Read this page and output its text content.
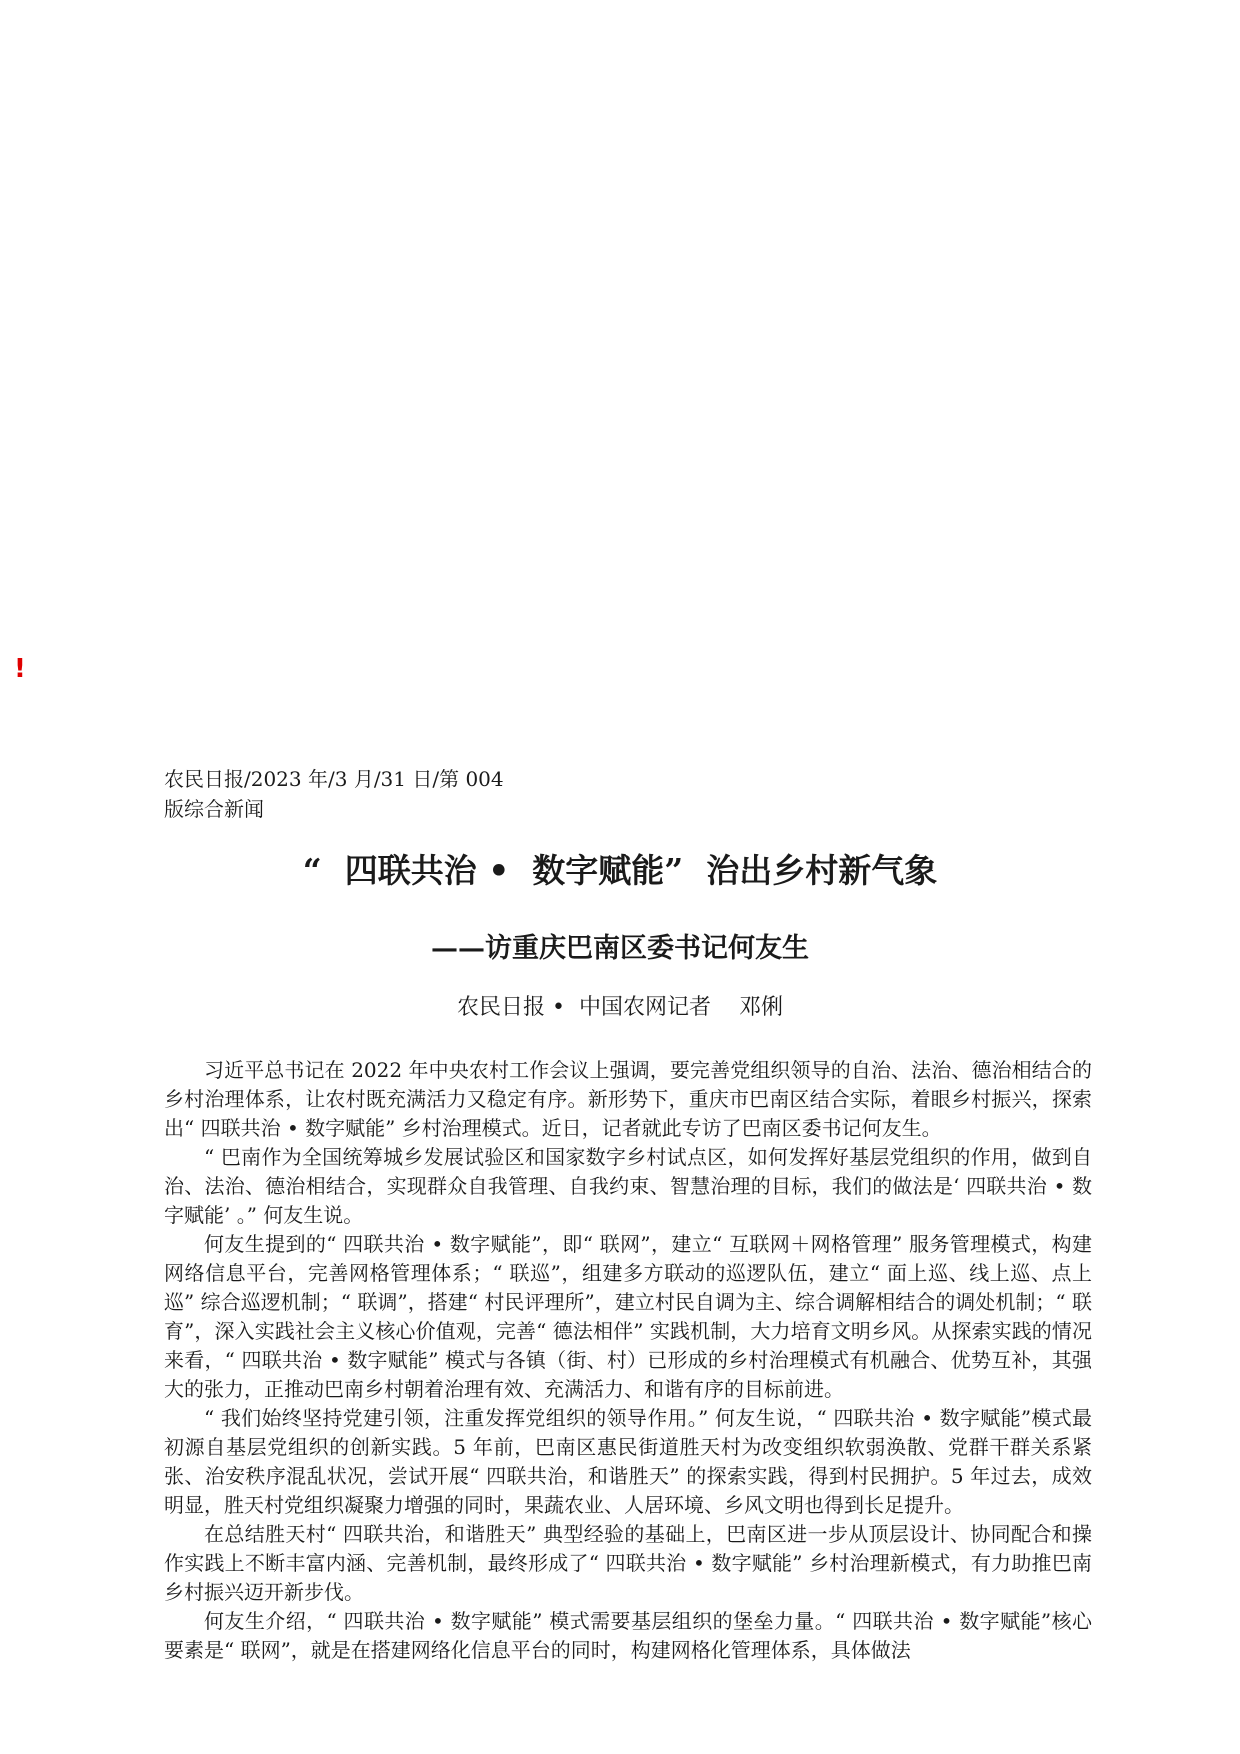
!
农民日报/2023 年/3 月/31 日/第 004
版综合新闻
“  四联共治 •  数字赋能”  治出乡村新气象
——访重庆巴南区委书记何友生
农民日报 •  中国农网记者    邓俐

习近平总书记在 2022 年中央农村工作会议上强调，要完善党组织领导的自治、法治、德治相结合的乡村治理体系，让农村既充满活力又稳定有序。新形势下，重庆市巴南区结合实际，着眼乡村振兴，探索出“ 四联共治 • 数字赋能” 乡村治理模式。近日，记者就此专访了巴南区委书记何友生。

“ 巴南作为全国统筹城乡发展试验区和国家数字乡村试点区，如何发挥好基层党组织的作用，做到自治、法治、德治相结合，实现群众自我管理、自我约束、智慧治理的目标，我们的做法是‘ 四联共治 • 数字赋能’ 。” 何友生说。

何友生提到的“ 四联共治 • 数字赋能”，即“ 联网”，建立“ 互联网＋网格管理” 服务管理模式，构建网络信息平台，完善网格管理体系；“ 联巡”，组建多方联动的巡逻队伍，建立“ 面上巡、线上巡、点上巡” 综合巡逻机制；“ 联调”，搭建“ 村民评理所”，建立村民自调为主、综合调解相结合的调处机制；“ 联育”，深入实践社会主义核心价值观，完善“ 德法相伴” 实践机制，大力培育文明乡风。从探索实践的情况来看，“ 四联共治 • 数字赋能” 模式与各镇（街、村）已形成的乡村治理模式有机融合、优势互补，其强大的张力，正推动巴南乡村朝着治理有效、充满活力、和谐有序的目标前进。

“ 我们始终坚持党建引领，注重发挥党组织的领导作用。” 何友生说，“ 四联共治 • 数字赋能”模式最初源自基层党组织的创新实践。5 年前，巴南区惠民街道胜天村为改变组织软弱涣散、党群干群关系紧张、治安秩序混乱状况，尝试开展“ 四联共治，和谐胜天” 的探索实践，得到村民拥护。5 年过去，成效明显，胜天村党组织凝聚力增强的同时，果蔬农业、人居环境、乡风文明也得到长足提升。

在总结胜天村“ 四联共治，和谐胜天” 典型经验的基础上，巴南区进一步从顶层设计、协同配合和操作实践上不断丰富内涵、完善机制，最终形成了“ 四联共治 • 数字赋能” 乡村治理新模式，有力助推巴南乡村振兴迈开新步伐。

何友生介绍，“ 四联共治 • 数字赋能” 模式需要基层组织的堡垒力量。“ 四联共治 • 数字赋能”核心要素是“ 联网”，就是在搭建网络化信息平台的同时，构建网格化管理体系，具体做法
